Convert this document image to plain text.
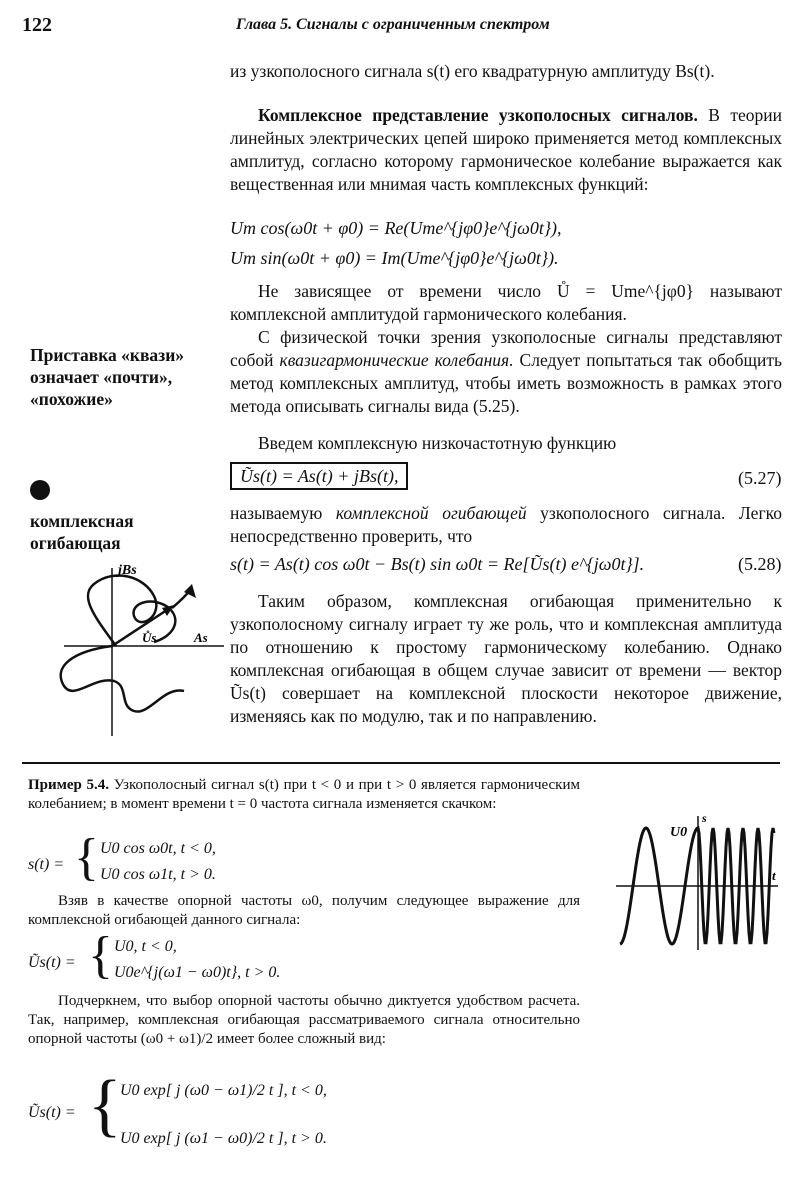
122	Глава 5. Сигналы с ограниченным спектром
из узкополосного сигнала s(t) его квадратурную амплитуду Bs(t).
Комплексное представление узкополосных сигналов. В теории линейных электрических цепей широко применяется метод комплексных амплитуд, согласно которому гармоническое колебание выражается как вещественная или мнимая часть комплексных функций:
Um cos(ω0t + φ0) = Re(Ume^{jφ0}e^{jω0t}),
Um sin(ω0t + φ0) = Im(Ume^{jφ0}e^{jω0t}).
Не зависящее от времени число Ů = Ume^{jφ0} называют комплексной амплитудой гармонического колебания.
С физической точки зрения узкополосные сигналы представляют собой квазигармонические колебания. Следует попытаться так обобщить метод комплексных амплитуд, чтобы иметь возможность в рамках этого метода описывать сигналы вида (5.25).
Введем комплексную низкочастотную функцию
Ũs(t) = As(t) + jBs(t),	(5.27)
называемую комплексной огибающей узкополосного сигнала. Легко непосредственно проверить, что
s(t) = As(t) cos ω0t − Bs(t) sin ω0t = Re[Ũs(t) e^{jω0t}].	(5.28)
Таким образом, комплексная огибающая применительно к узкополосному сигналу играет ту же роль, что и комплексная амплитуда по отношению к простому гармоническому колебанию. Однако комплексная огибающая в общем случае зависит от времени — вектор Ũs(t) совершает на комплексной плоскости некоторое движение, изменяясь как по модулю, так и по направлению.
Приставка «квази» означает «почти», «похожие»
комплексная огибающая
jBs
Ůs	As
Пример 5.4. Узкополосный сигнал s(t) при t < 0 и при t > 0 является гармоническим колебанием; в момент времени t = 0 частота сигнала изменяется скачком:
s(t) = { U0 cos ω0t, t < 0,
U0 cos ω1t, t > 0.
Взяв в качестве опорной частоты ω0, получим следующее выражение для комплексной огибающей данного сигнала:
Ũs(t) = { U0, t < 0,
U0e^{j(ω1 − ω0)t}, t > 0.
Подчеркнем, что выбор опорной частоты обычно диктуется удобством расчета. Так, например, комплексная огибающая рассматриваемого сигнала относительно опорной частоты (ω0 + ω1)/2 имеет более сложный вид:
Ũs(t) = {
U0 exp[ j (ω0 − ω1)/2 t ], t < 0,
U0 exp[ j (ω1 − ω0)/2 t ], t > 0.
U0
s
t
